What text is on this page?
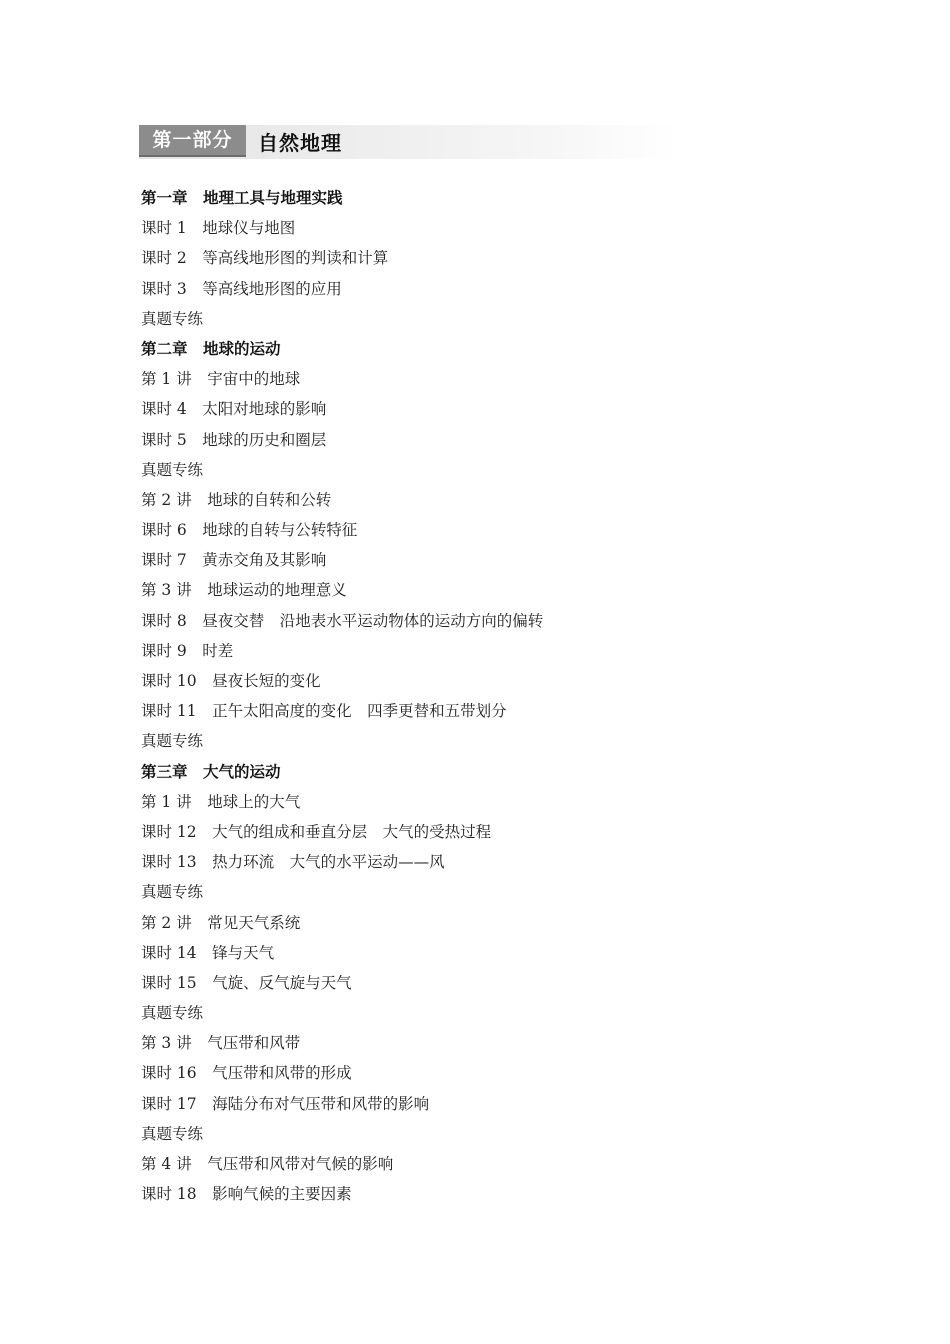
第一部分	自然地理
第一章　地理工具与地理实践
课时 1　地球仪与地图
课时 2　等高线地形图的判读和计算
课时 3　等高线地形图的应用
真题专练
第二章　地球的运动
第 1 讲　宇宙中的地球
课时 4　太阳对地球的影响
课时 5　地球的历史和圈层
真题专练
第 2 讲　地球的自转和公转
课时 6　地球的自转与公转特征
课时 7　黄赤交角及其影响
第 3 讲　地球运动的地理意义
课时 8　昼夜交替　沿地表水平运动物体的运动方向的偏转
课时 9　时差
课时 10　昼夜长短的变化
课时 11　正午太阳高度的变化　四季更替和五带划分
真题专练
第三章　大气的运动
第 1 讲　地球上的大气
课时 12　大气的组成和垂直分层　大气的受热过程
课时 13　热力环流　大气的水平运动——风
真题专练
第 2 讲　常见天气系统
课时 14　锋与天气
课时 15　气旋、反气旋与天气
真题专练
第 3 讲　气压带和风带
课时 16　气压带和风带的形成
课时 17　海陆分布对气压带和风带的影响
真题专练
第 4 讲　气压带和风带对气候的影响
课时 18　影响气候的主要因素
